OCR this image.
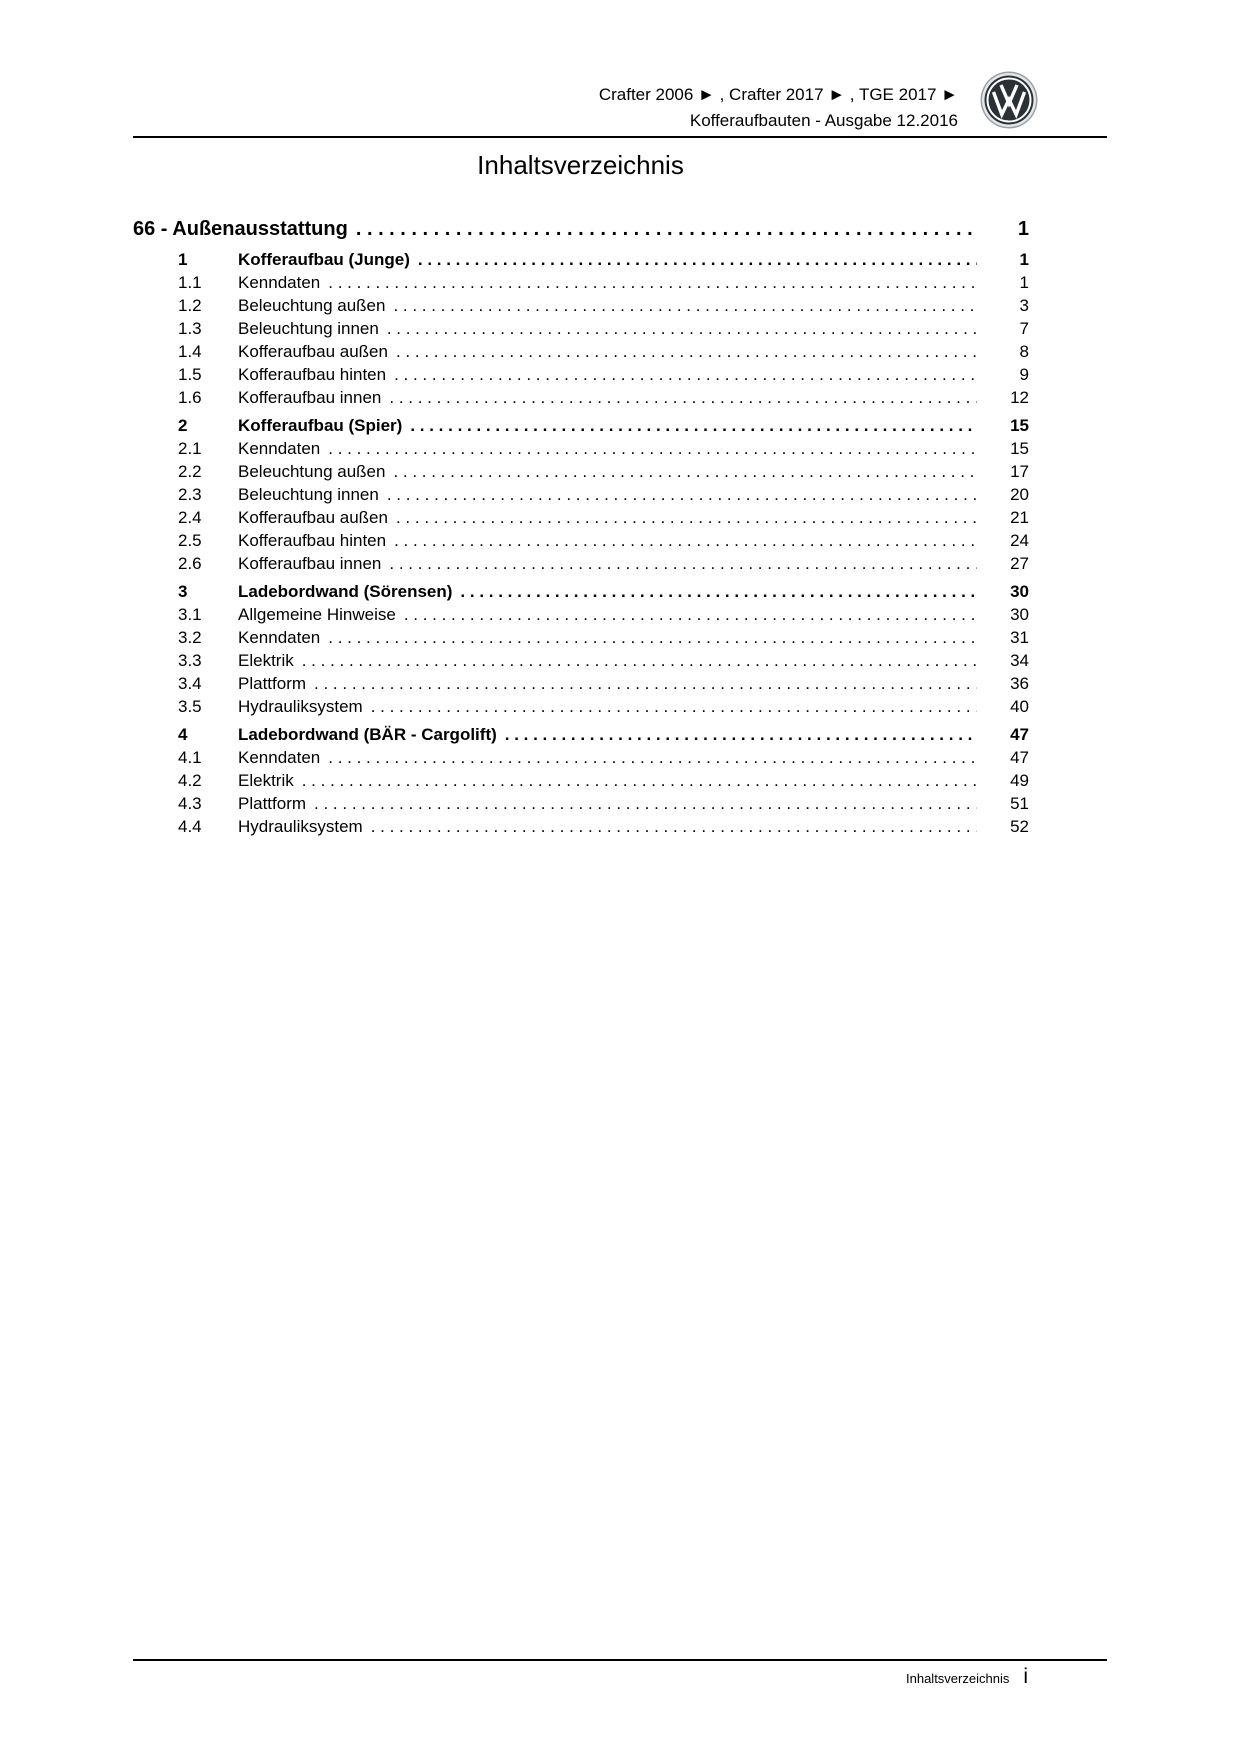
Crafter 2006 ► , Crafter 2017 ► , TGE 2017 ►
Kofferaufbauten - Ausgabe 12.2016
Inhaltsverzeichnis
66 - Außenausstattung . . .	1
1	Kofferaufbau (Junge) . . .	1
1.1	Kenndaten . . .	1
1.2	Beleuchtung außen . . .	3
1.3	Beleuchtung innen . . .	7
1.4	Kofferaufbau außen . . .	8
1.5	Kofferaufbau hinten . . .	9
1.6	Kofferaufbau innen . . .	12
2	Kofferaufbau (Spier) . . .	15
2.1	Kenndaten . . .	15
2.2	Beleuchtung außen . . .	17
2.3	Beleuchtung innen . . .	20
2.4	Kofferaufbau außen . . .	21
2.5	Kofferaufbau hinten . . .	24
2.6	Kofferaufbau innen . . .	27
3	Ladebordwand (Sörensen) . . .	30
3.1	Allgemeine Hinweise . . .	30
3.2	Kenndaten . . .	31
3.3	Elektrik . . .	34
3.4	Plattform . . .	36
3.5	Hydrauliksystem . . .	40
4	Ladebordwand (BÄR - Cargolift) . . .	47
4.1	Kenndaten . . .	47
4.2	Elektrik . . .	49
4.3	Plattform . . .	51
4.4	Hydrauliksystem . . .	52
Inhaltsverzeichnis i
